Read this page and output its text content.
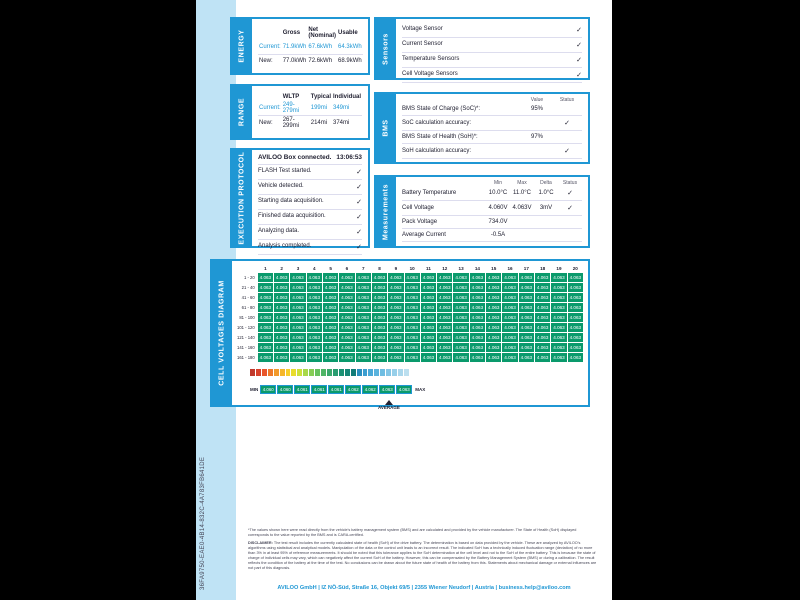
36FA9750-EAE0-4B14-832C-4A783FB641DE
ENERGY
		Gross	Net (Nominal)	Usable
Current:	71.9kWh	67.6kWh	64.3kWh
New:	77.0kWh	72.6kWh	68.9kWh
RANGE
	WLTP	Typical	Individual
Current:	249-279mi	199mi	349mi
New:	267-299mi	214mi	374mi
EXECUTION PROTOCOL AVILOO Box connected. 13:06:53
FLASH Test started.	✓
Vehicle detected.	✓
Starting data acquisition.	✓
Finished data acquisition.	✓
Analyzing data.	✓
Analysis completed.	✓
Sensors
Voltage Sensor	✓
Current Sensor	✓
Temperature Sensors	✓
Cell Voltage Sensors	✓
BMS
Value	Status
BMS State of Charge (SoC)*:	95%
SoC calculation accuracy:	✓
BMS State of Health (SoH)*:	97%
SoH calculation accuracy:	✓
Measurements
Min	Max	Delta	Status
Battery Temperature	10.0°C 11.0°C	1.0°C	✓
Cell Voltage	4.060V 4.063V	3mV	✓
Pack Voltage	734.0V
Average Current	-0.5A
CELL VOLTAGES DIAGRAM
	1	2	3	4	5	6	7	8	9	10	11	12	13	14	15	16	17	18	19	20
1 - 20	4.063	4.063	4.063	4.063	4.063	4.063	4.063	4.063	4.063	4.063	4.063	4.063	4.063	4.063	4.063	4.063	4.063	4.063	4.063	4.063
21 - 40	4.063	4.063	4.063	4.063	4.063	4.063	4.063	4.063	4.063	4.063	4.063	4.063	4.063	4.063	4.063	4.063	4.063	4.063	4.063	4.063
41 - 60	4.063	4.063	4.063	4.063	4.063	4.063	4.063	4.063	4.063	4.063	4.063	4.063	4.063	4.063	4.063	4.063	4.063	4.063	4.063	4.063
61 - 80	4.063	4.063	4.063	4.063	4.063	4.063	4.063	4.063	4.063	4.063	4.063	4.063	4.063	4.063	4.063	4.063	4.063	4.063	4.063	4.063
81 - 100	4.063	4.063	4.063	4.063	4.063	4.063	4.063	4.063	4.063	4.063	4.063	4.063	4.063	4.063	4.063	4.063	4.063	4.063	4.063	4.063
101 - 120	4.063	4.063	4.063	4.063	4.063	4.063	4.063	4.063	4.063	4.063	4.063	4.063	4.063	4.063	4.063	4.063	4.063	4.063	4.063	4.063
121 - 140	4.063	4.063	4.063	4.063	4.063	4.063	4.063	4.063	4.063	4.063	4.063	4.063	4.063	4.063	4.063	4.063	4.063	4.063	4.063	4.063
141 - 160	4.063	4.063	4.063	4.063	4.063	4.063	4.063	4.063	4.063	4.063	4.063	4.063	4.063	4.063	4.063	4.063	4.063	4.063	4.063	4.063
161 - 180	4.063	4.063	4.063	4.063	4.063	4.063	4.063	4.063	4.063	4.063	4.063	4.063	4.063	4.063	4.063	4.063	4.063	4.063	4.063	4.063
MIN	4.060	4.060	4.061	4.061	4.061	4.062	4.062	4.063	4.063	MAX
AVERAGE
*The values shown here were read directly from the vehicle's battery management system (BMS) and are calculated and provided by the vehicle manufacturer. The State of Health (SoH) displayed corresponds to the value reported by the BMS and is CARA-certified.
DISCLAIMER: The test result includes the currently calculated state of health (SoH) of the drive battery. The determination is based on data provided by the vehicle. These are analyzed by AVILOO's algorithms using statistical and analytical models. Manipulation of the data or the control unit leads to an incorrect result. The indicated SoH has a technically induced fluctuation range (deviation) of no more than 3% in at least 95% of reference measurements. It should be noted that this tolerance applies to the SoH determination at the cell level and not to the SoH of the entire battery. This is because the state of charge of individual cells may vary, which can negatively affect the current SoH of the battery. However, this can be compensated by the Battery Management System (BMS) or during a calibration. The result reflects the condition of the battery at the time of the test. No conclusions can be drawn about the future state of health of the battery from this. Statements about mechanical damage or external influences are not part of this diagnosis.
AVILOO GmbH | IZ NÖ-Süd, Straße 16, Objekt 69/5 | 2355 Wiener Neudorf | Austria | business.help@aviloo.com
